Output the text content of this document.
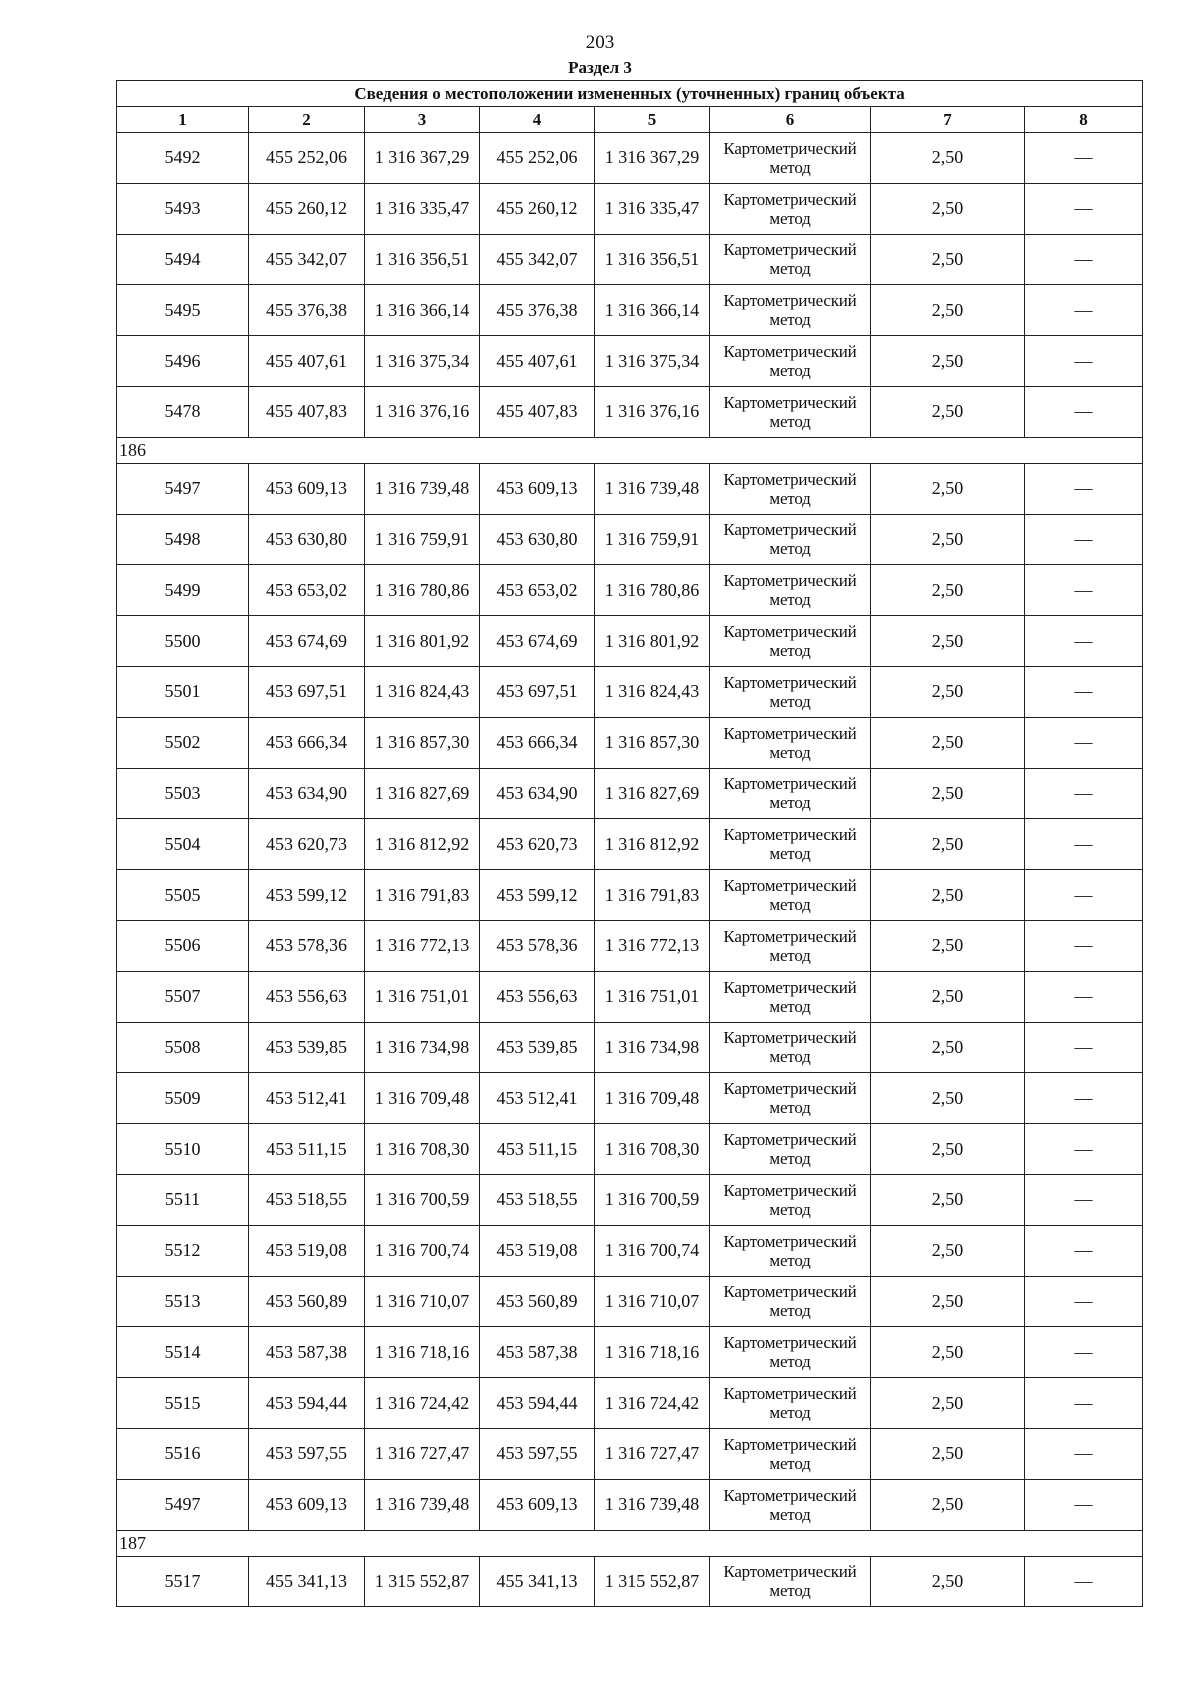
203
Раздел 3
Сведения о местоположении измененных (уточненных) границ объекта							
1	2	3	4	5	6	7	8
5492	455 252,06	1 316 367,29	455 252,06	1 316 367,29	Картометрический метод	2,50	—
5493	455 260,12	1 316 335,47	455 260,12	1 316 335,47	Картометрический метод	2,50	—
5494	455 342,07	1 316 356,51	455 342,07	1 316 356,51	Картометрический метод	2,50	—
5495	455 376,38	1 316 366,14	455 376,38	1 316 366,14	Картометрический метод	2,50	—
5496	455 407,61	1 316 375,34	455 407,61	1 316 375,34	Картометрический метод	2,50	—
5478	455 407,83	1 316 376,16	455 407,83	1 316 376,16	Картометрический метод	2,50	—
186							
5497	453 609,13	1 316 739,48	453 609,13	1 316 739,48	Картометрический метод	2,50	—
5498	453 630,80	1 316 759,91	453 630,80	1 316 759,91	Картометрический метод	2,50	—
5499	453 653,02	1 316 780,86	453 653,02	1 316 780,86	Картометрический метод	2,50	—
5500	453 674,69	1 316 801,92	453 674,69	1 316 801,92	Картометрический метод	2,50	—
5501	453 697,51	1 316 824,43	453 697,51	1 316 824,43	Картометрический метод	2,50	—
5502	453 666,34	1 316 857,30	453 666,34	1 316 857,30	Картометрический метод	2,50	—
5503	453 634,90	1 316 827,69	453 634,90	1 316 827,69	Картометрический метод	2,50	—
5504	453 620,73	1 316 812,92	453 620,73	1 316 812,92	Картометрический метод	2,50	—
5505	453 599,12	1 316 791,83	453 599,12	1 316 791,83	Картометрический метод	2,50	—
5506	453 578,36	1 316 772,13	453 578,36	1 316 772,13	Картометрический метод	2,50	—
5507	453 556,63	1 316 751,01	453 556,63	1 316 751,01	Картометрический метод	2,50	—
5508	453 539,85	1 316 734,98	453 539,85	1 316 734,98	Картометрический метод	2,50	—
5509	453 512,41	1 316 709,48	453 512,41	1 316 709,48	Картометрический метод	2,50	—
5510	453 511,15	1 316 708,30	453 511,15	1 316 708,30	Картометрический метод	2,50	—
5511	453 518,55	1 316 700,59	453 518,55	1 316 700,59	Картометрический метод	2,50	—
5512	453 519,08	1 316 700,74	453 519,08	1 316 700,74	Картометрический метод	2,50	—
5513	453 560,89	1 316 710,07	453 560,89	1 316 710,07	Картометрический метод	2,50	—
5514	453 587,38	1 316 718,16	453 587,38	1 316 718,16	Картометрический метод	2,50	—
5515	453 594,44	1 316 724,42	453 594,44	1 316 724,42	Картометрический метод	2,50	—
5516	453 597,55	1 316 727,47	453 597,55	1 316 727,47	Картометрический метод	2,50	—
5497	453 609,13	1 316 739,48	453 609,13	1 316 739,48	Картометрический метод	2,50	—
187							
5517	455 341,13	1 315 552,87	455 341,13	1 315 552,87	Картометрический метод	2,50	—
